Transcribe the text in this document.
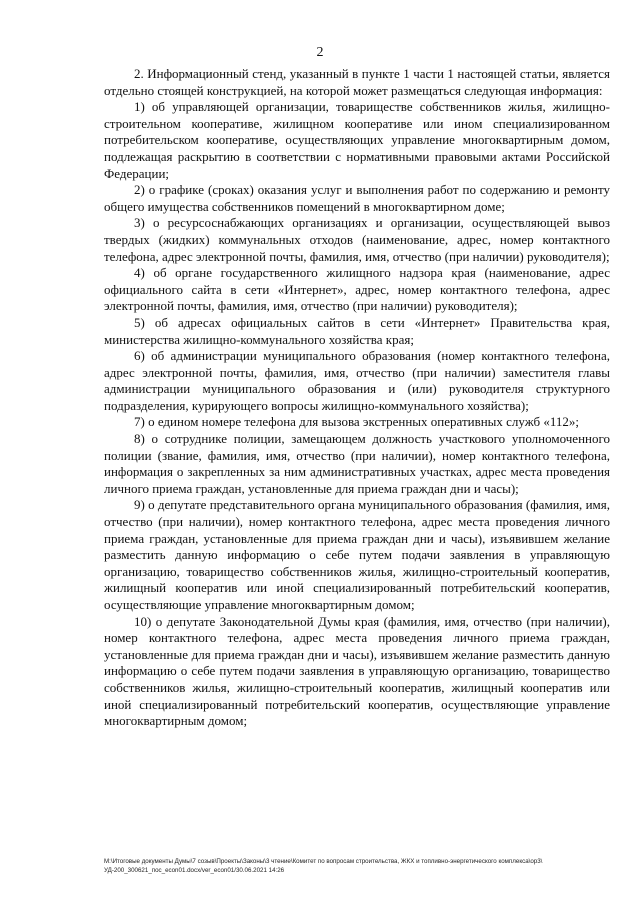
2

2. Информационный стенд, указанный в пункте 1 части 1 настоящей статьи, является отдельно стоящей конструкцией, на которой может размещаться следующая информация:

1) об управляющей организации, товариществе собственников жилья, жилищно-строительном кооперативе, жилищном кооперативе или ином специализированном потребительском кооперативе, осуществляющих управление многоквартирным домом, подлежащая раскрытию в соответствии с нормативными правовыми актами Российской Федерации;

2) о графике (сроках) оказания услуг и выполнения работ по содержанию и ремонту общего имущества собственников помещений в многоквартирном доме;

3) о ресурсоснабжающих организациях и организации, осуществляющей вывоз твердых (жидких) коммунальных отходов (наименование, адрес, номер контактного телефона, адрес электронной почты, фамилия, имя, отчество (при наличии) руководителя);

4) об органе государственного жилищного надзора края (наименование, адрес официального сайта в сети «Интернет», адрес, номер контактного телефона, адрес электронной почты, фамилия, имя, отчество (при наличии) руководителя);

5) об адресах официальных сайтов в сети «Интернет» Правительства края, министерства жилищно-коммунального хозяйства края;

6) об администрации муниципального образования (номер контактного телефона, адрес электронной почты, фамилия, имя, отчество (при наличии) заместителя главы администрации муниципального образования и (или) руководителя структурного подразделения, курирующего вопросы жилищно-коммунального хозяйства);

7) о едином номере телефона для вызова экстренных оперативных служб «112»;

8) о сотруднике полиции, замещающем должность участкового уполномоченного полиции (звание, фамилия, имя, отчество (при наличии), номер контактного телефона, информация о закрепленных за ним административных участках, адрес места проведения личного приема граждан, установленные для приема граждан дни и часы);

9) о депутате представительного органа муниципального образования (фамилия, имя, отчество (при наличии), номер контактного телефона, адрес места проведения личного приема граждан, установленные для приема граждан дни и часы), изъявившем желание разместить данную информацию о себе путем подачи заявления в управляющую организацию, товарищество собственников жилья, жилищно-строительный кооператив, жилищный кооператив или иной специализированный потребительский кооператив, осуществляющие управление многоквартирным домом;

10) о депутате Законодательной Думы края (фамилия, имя, отчество (при наличии), номер контактного телефона, адрес места проведения личного приема граждан, установленные для приема граждан дни и часы), изъявившем желание разместить данную информацию о себе путем подачи заявления в управляющую организацию, товарищество собственников жилья, жилищно-строительный кооператив, жилищный кооператив или иной специализированный потребительский кооператив, осуществляющие управление многоквартирным домом;

M:\Итоговые документы Думы\7 созыв\Проекты\Законы\3 чтение\Комитет по вопросам строительства, ЖКХ и топливно-энергетического комплекса\ор3\
УД-200_300621_пос_econ01.docx/ver_econ01/30.06.2021 14:26
